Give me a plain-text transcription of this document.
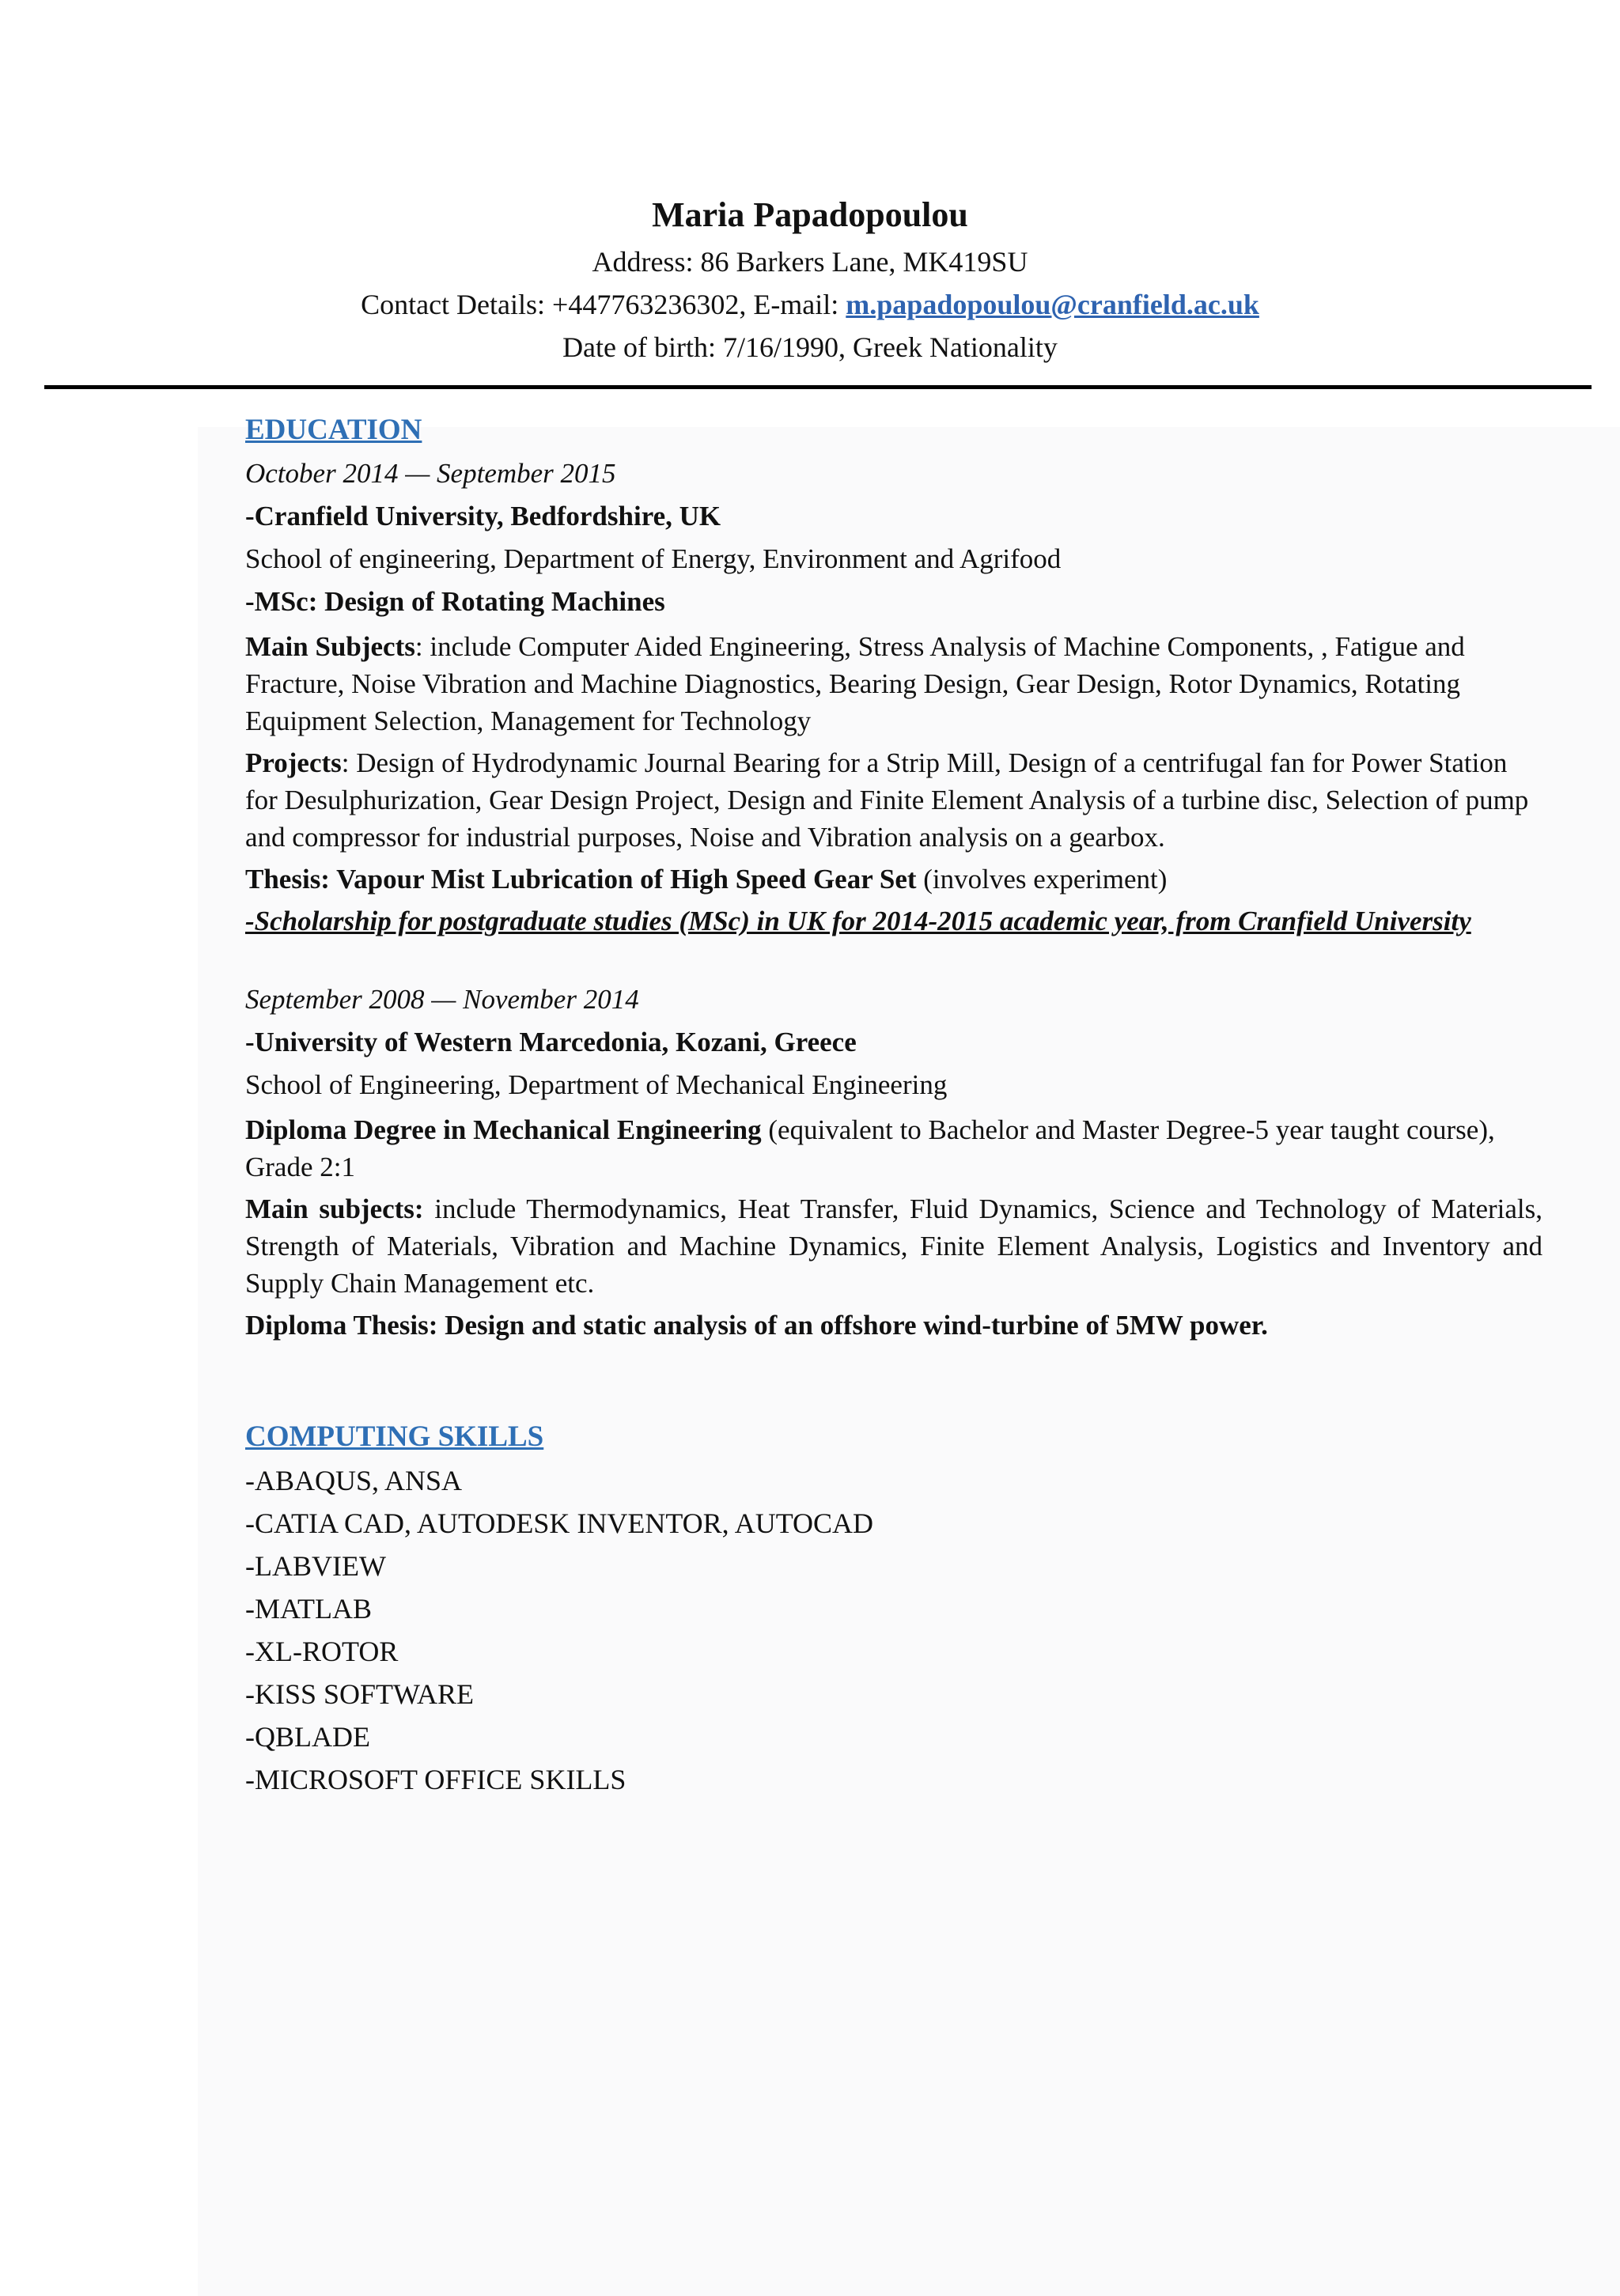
Maria Papadopoulou
Address: 86 Barkers Lane, MK419SU
Contact Details: +447763236302, E-mail: m.papadopoulou@cranfield.ac.uk
Date of birth: 7/16/1990, Greek Nationality
EDUCATION
October 2014 — September 2015
-Cranfield University, Bedfordshire, UK
School of engineering, Department of Energy, Environment and Agrifood
-MSc: Design of Rotating Machines
Main Subjects: include Computer Aided Engineering, Stress Analysis of Machine Components, , Fatigue and Fracture, Noise Vibration and Machine Diagnostics, Bearing Design, Gear Design, Rotor Dynamics, Rotating Equipment Selection, Management for Technology
Projects: Design of Hydrodynamic Journal Bearing for a Strip Mill, Design of a centrifugal fan for Power Station for Desulphurization, Gear Design Project, Design and Finite Element Analysis of a turbine disc, Selection of pump and compressor for industrial purposes, Noise and Vibration analysis on a gearbox.
Thesis: Vapour Mist Lubrication of High Speed Gear Set (involves experiment)
-Scholarship for postgraduate studies (MSc) in UK for 2014-2015 academic year, from Cranfield University
September 2008 — November 2014
-University of Western Marcedonia, Kozani, Greece
School of Engineering, Department of Mechanical Engineering
Diploma Degree in Mechanical Engineering (equivalent to Bachelor and Master Degree-5 year taught course), Grade 2:1
Main subjects: include Thermodynamics, Heat Transfer, Fluid Dynamics, Science and Technology of Materials, Strength of Materials, Vibration and Machine Dynamics, Finite Element Analysis, Logistics and Inventory and Supply Chain Management etc.
Diploma Thesis: Design and static analysis of an offshore wind-turbine of 5MW power.
COMPUTING SKILLS
-ABAQUS, ANSA
-CATIA CAD, AUTODESK INVENTOR, AUTOCAD
-LABVIEW
-MATLAB
-XL-ROTOR
-KISS SOFTWARE
-QBLADE
-MICROSOFT OFFICE SKILLS
